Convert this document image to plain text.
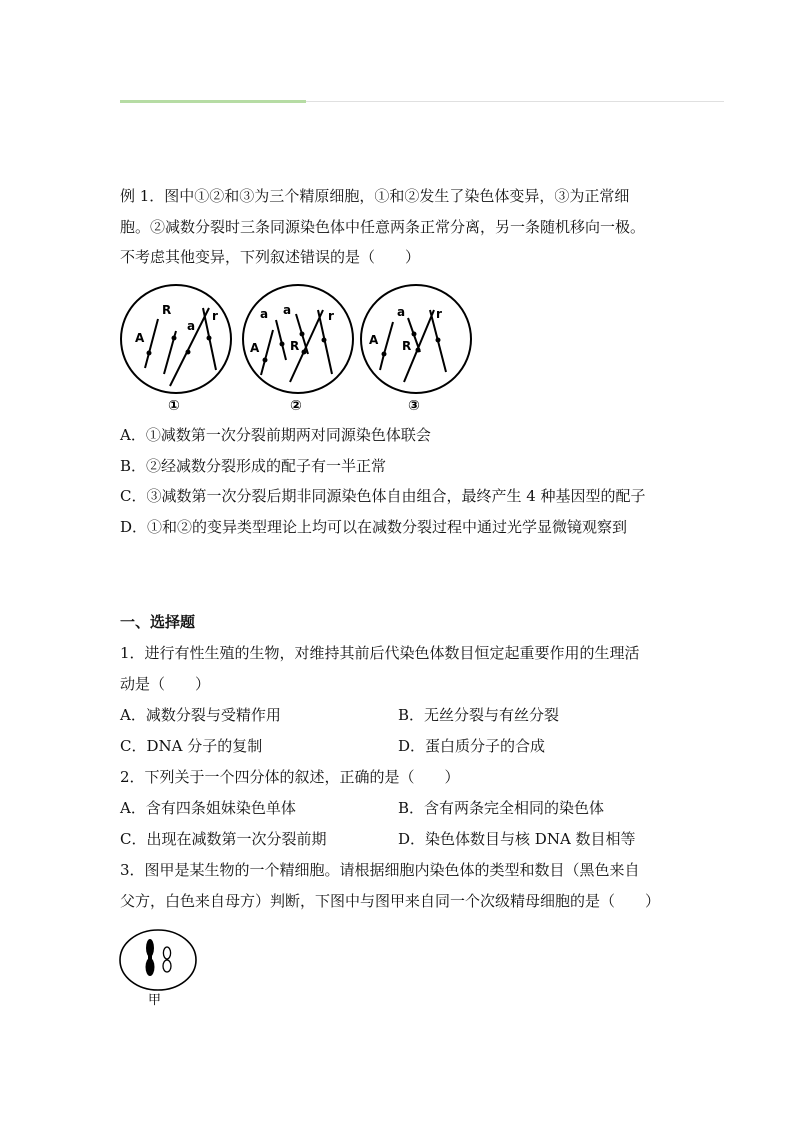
例 1．图中①②和③为三个精原细胞，①和②发生了染色体变异，③为正常细
胞。②减数分裂时三条同源染色体中任意两条正常分离，另一条随机移向一极。
不考虑其他变异，下列叙述错误的是（　　）
R
a
A
r
①
a a
A	R
r
②
a
R
A
r
③
A．①减数第一次分裂前期两对同源染色体联会
B．②经减数分裂形成的配子有一半正常
C．③减数第一次分裂后期非同源染色体自由组合，最终产生 4 种基因型的配子
D．①和②的变异类型理论上均可以在减数分裂过程中通过光学显微镜观察到
一、选择题
1．进行有性生殖的生物，对维持其前后代染色体数目恒定起重要作用的生理活
动是（　　）
A．减数分裂与受精作用	B．无丝分裂与有丝分裂
C．DNA 分子的复制	D．蛋白质分子的合成
2．下列关于一个四分体的叙述，正确的是（　　）
A．含有四条姐妹染色单体	B．含有两条完全相同的染色体
C．出现在减数第一次分裂前期	D．染色体数目与核 DNA 数目相等
3．图甲是某生物的一个精细胞。请根据细胞内染色体的类型和数目（黑色来自
父方，白色来自母方）判断，下图中与图甲来自同一个次级精母细胞的是（　　）
甲
